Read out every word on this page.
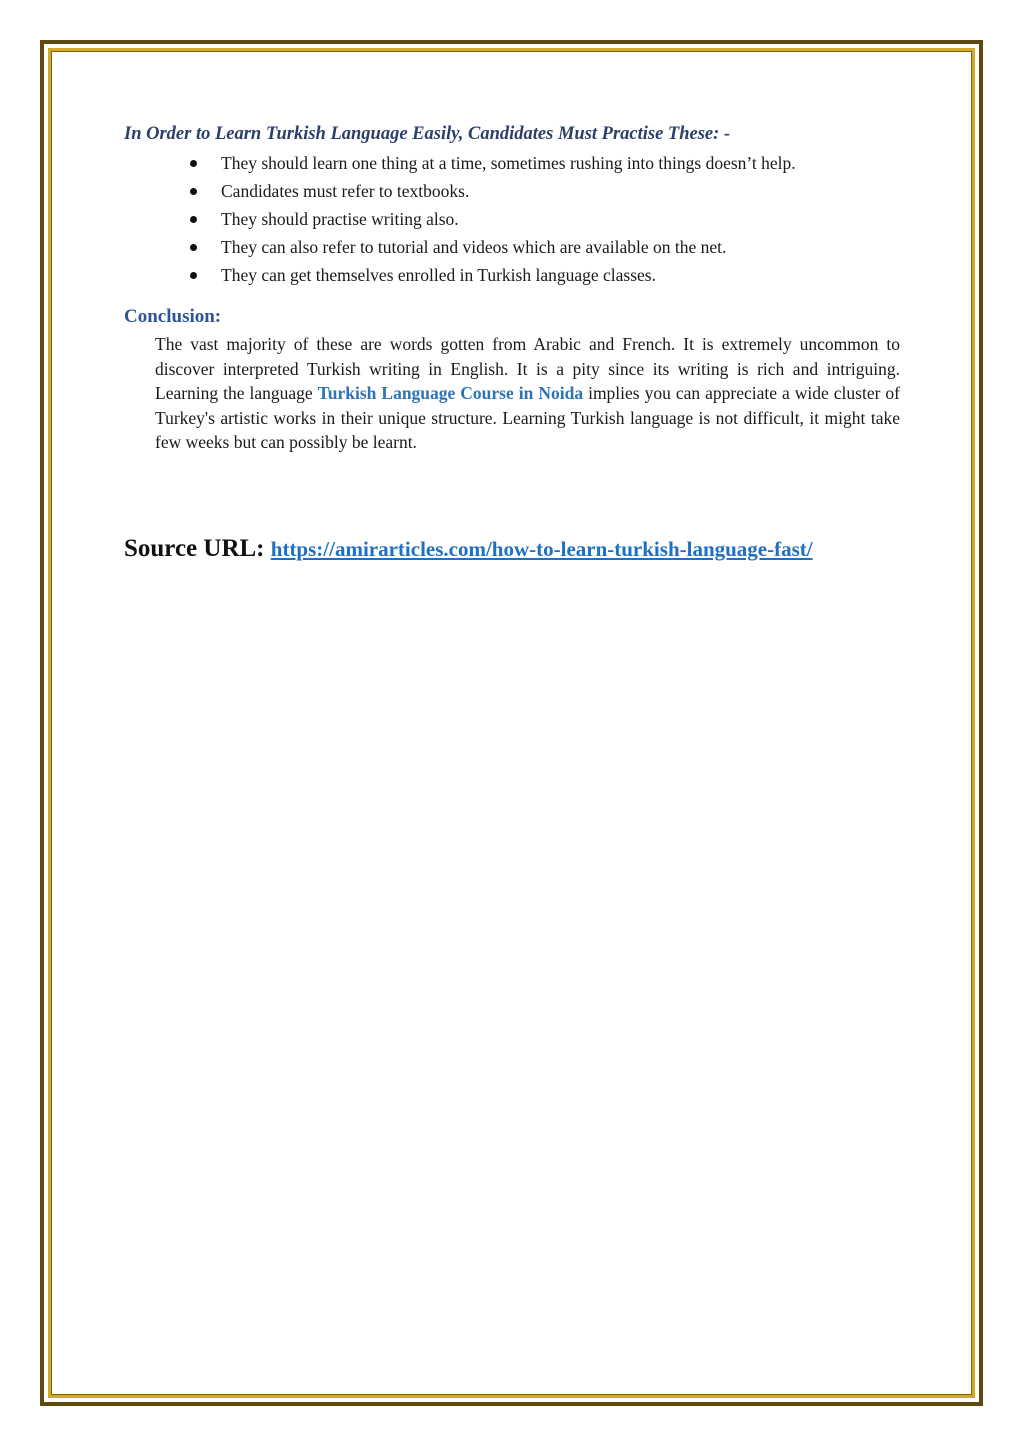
In Order to Learn Turkish Language Easily, Candidates Must Practise These: -

They should learn one thing at a time, sometimes rushing into things doesn’t help.
Candidates must refer to textbooks.
They should practise writing also.
They can also refer to tutorial and videos which are available on the net.
They can get themselves enrolled in Turkish language classes.

Conclusion:

The vast majority of these are words gotten from Arabic and French. It is extremely uncommon to discover interpreted Turkish writing in English. It is a pity since its writing is rich and intriguing. Learning the language Turkish Language Course in Noida implies you can appreciate a wide cluster of Turkey's artistic works in their unique structure. Learning Turkish language is not difficult, it might take few weeks but can possibly be learnt.

Source URL: https://amirarticles.com/how-to-learn-turkish-language-fast/
